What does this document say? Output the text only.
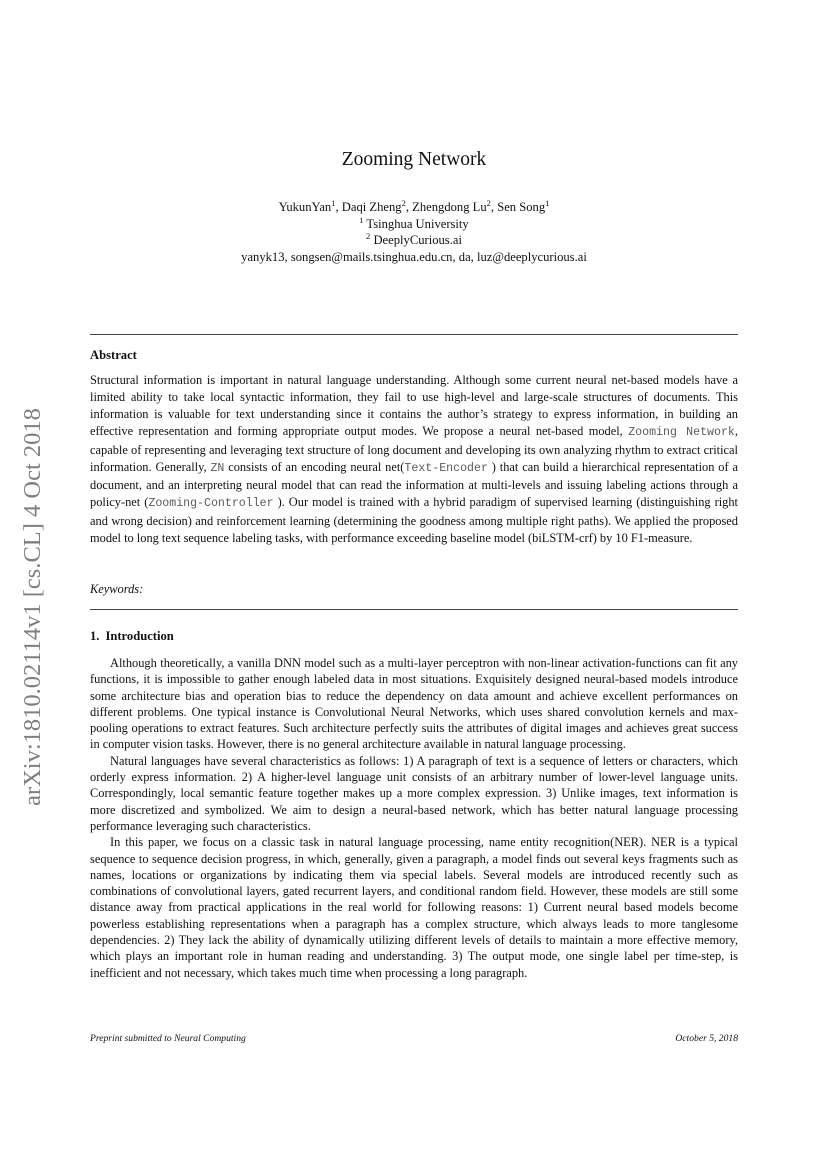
arXiv:1810.02114v1 [cs.CL] 4 Oct 2018
Zooming Network
YukunYan$^1$, Daqi Zheng$^2$, Zhengdong Lu$^2$, Sen Song$^1$
$^1$ Tsinghua University
$^2$ DeeplyCurious.ai
yanyk13, songsen@mails.tsinghua.edu.cn, da, luz@deeplycurious.ai
Abstract

Structural information is important in natural language understanding. Although some current neural net-based models have a limited ability to take local syntactic information, they fail to use high-level and large-scale structures of documents. This information is valuable for text understanding since it contains the author’s strategy to express information, in building an effective representation and forming appropriate output modes. We propose a neural net-based model, Zooming Network, capable of representing and leveraging text structure of long document and developing its own analyzing rhythm to extract critical information. Generally, ZN consists of an encoding neural net(Text-Encoder ) that can build a hierarchical representation of a document, and an interpreting neural model that can read the information at multi-levels and issuing labeling actions through a policy-net (Zooming-Controller ). Our model is trained with a hybrid paradigm of supervised learning (distinguishing right and wrong decision) and reinforcement learning (determining the goodness among multiple right paths). We applied the proposed model to long text sequence labeling tasks, with performance exceeding baseline model (biLSTM-crf) by 10 F1-measure.

Keywords:

1. Introduction

Although theoretically, a vanilla DNN model such as a multi-layer perceptron with non-linear activation-functions can fit any functions, it is impossible to gather enough labeled data in most situations. Exquisitely designed neural-based models introduce some architecture bias and operation bias to reduce the dependency on data amount and achieve excellent performances on different problems. One typical instance is Convolutional Neural Networks, which uses shared convolution kernels and max-pooling operations to extract features. Such architecture perfectly suits the attributes of digital images and achieves great success in computer vision tasks. However, there is no general architecture available in natural language processing.

Natural languages have several characteristics as follows: 1) A paragraph of text is a sequence of letters or characters, which orderly express information. 2) A higher-level language unit consists of an arbitrary number of lower-level language units. Correspondingly, local semantic feature together makes up a more complex expression. 3) Unlike images, text information is more discretized and symbolized. We aim to design a neural-based network, which has better natural language processing performance leveraging such characteristics.

In this paper, we focus on a classic task in natural language processing, name entity recognition(NER). NER is a typical sequence to sequence decision progress, in which, generally, given a paragraph, a model finds out several keys fragments such as names, locations or organizations by indicating them via special labels. Several models are introduced recently such as combinations of convolutional layers, gated recurrent layers, and conditional random field. However, these models are still some distance away from practical applications in the real world for following reasons: 1) Current neural based models become powerless establishing representations when a paragraph has a complex structure, which always leads to more tanglesome dependencies. 2) They lack the ability of dynamically utilizing different levels of details to maintain a more effective memory, which plays an important role in human reading and understanding. 3) The output mode, one single label per time-step, is inefficient and not necessary, which takes much time when processing a long paragraph.

Preprint submitted to Neural Computing	October 5, 2018
